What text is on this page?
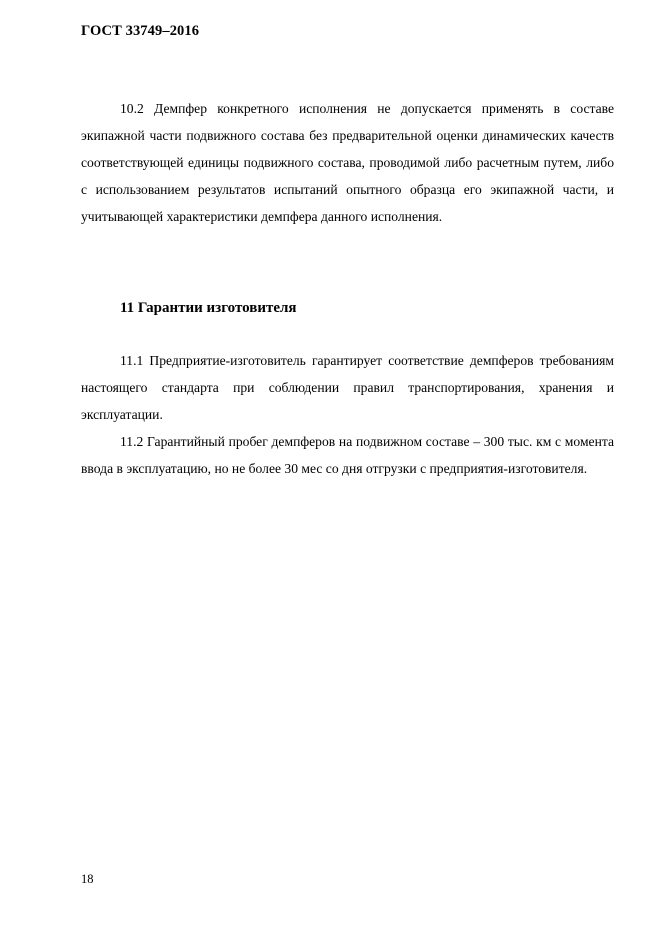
ГОСТ 33749–2016

10.2 Демпфер конкретного исполнения не допускается применять в составе экипажной части подвижного состава без предварительной оценки динамических качеств соответствующей единицы подвижного состава, проводимой либо расчетным путем, либо с использованием результатов испытаний опытного образца его экипажной части, и учитывающей характеристики демпфера данного исполнения.

11 Гарантии изготовителя

11.1 Предприятие-изготовитель гарантирует соответствие демпферов требованиям настоящего стандарта при соблюдении правил транспортирования, хранения и эксплуатации.

11.2 Гарантийный пробег демпферов на подвижном составе – 300 тыс. км с момента ввода в эксплуатацию, но не более 30 мес со дня отгрузки с предприятия-изготовителя.

18
